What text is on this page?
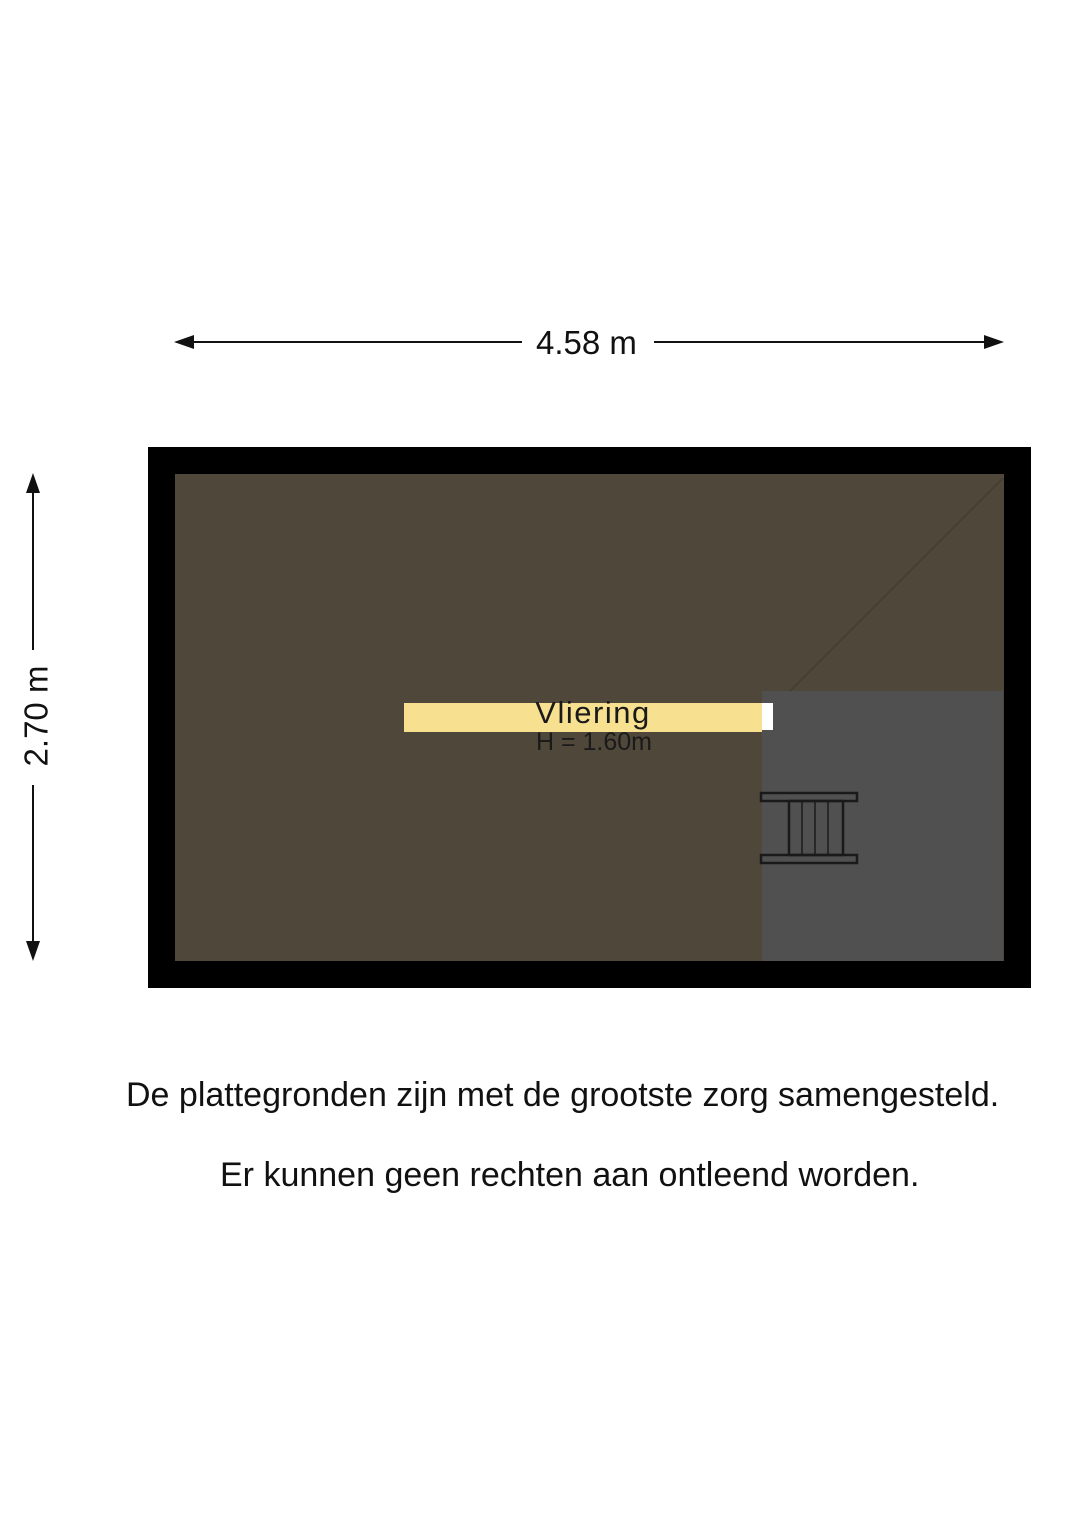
4.58 m
2.70 m	Vliering
H = 1.60m
De plattegronden zijn met de grootste zorg samengesteld.
Er kunnen geen rechten aan ontleend worden.
